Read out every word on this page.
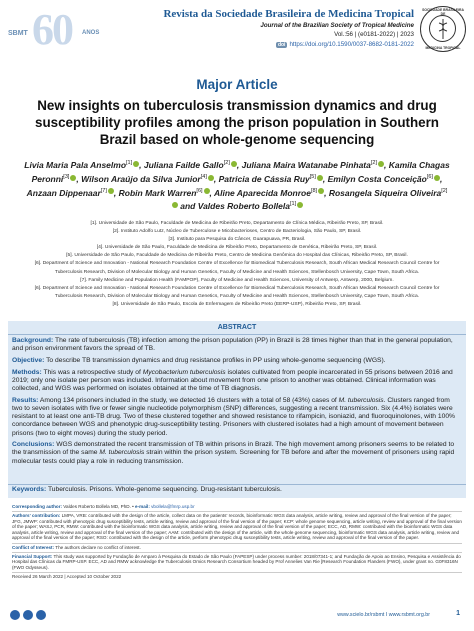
SBMT 60 ANOS
Revista da Sociedade Brasileira de Medicina Tropical
Journal of the Brazilian Society of Tropical Medicine
Vol.:56 | (e0181-2022) | 2023
doi https://doi.org/10.1590/0037-8682-0181-2022
SOCIEDADE BRASILEIRA DE
MEDICINA TROPICAL
Major Article
New insights on tuberculosis transmission dynamics and drug susceptibility profiles among the prison population in Southern Brazil based on whole-genome sequencing
Livia Maria Pala Anselmo[1] , Juliana Failde Gallo[2] , Juliana Maira Watanabe Pinhata[2] , Kamila Chagas Peronni[3] , Wilson Araújo da Silva Junior[4] , Patricia de Cássia Ruy[5] , Emilyn Costa Conceição[6] , Anzaan Dippenaar[7] , Robin Mark Warren[6] , Aline Aparecida Monroe[8] , Rosangela Siqueira Oliveira[2] and Valdes Roberto Bollela[1]
[1]. Universidade de São Paulo, Faculdade de Medicina de Ribeirão Preto, Departamento de Clínica Médica, Ribeirão Preto, SP, Brasil.
[2]. Instituto Adolfo Lutz, Núcleo de Tuberculose e Micobacterioses, Centro de Bacteriologia, São Paulo, SP, Brasil.
[3]. Instituto para Pesquisa do Câncer, Guarapuava, PR, Brasil.
[4]. Universidade de São Paulo, Faculdade de Medicina de Ribeirão Preto, Departamento de Genética, Ribeirão Preto, SP, Brasil.
[5]. Universidade de São Paulo, Faculdade de Medicina de Ribeirão Preto, Centro de Medicina Genômica do Hospital das Clínicas, Ribeirão Preto, SP, Brasil.
[6]. Department of Science and Innovation - National Research Foundation Centre of Excellence for Biomedical Tuberculosis Research, South African Medical Research Council Centre for Tuberculosis Research, Division of Molecular Biology and Human Genetics, Faculty of Medicine and Health Sciences, Stellenbosch University, Cape Town, South Africa.
[7]. Family Medicine and Population Health (FAMPOP), Faculty of Medicine and Health Sciences, University of Antwerp, Antwerp, 2000, Belgium.
[6]. Department of Science and Innovation - National Research Foundation Centre of Excellence for Biomedical Tuberculosis Research, South African Medical Research Council Centre for Tuberculosis Research, Division of Molecular Biology and Human Genetics, Faculty of Medicine and Health Sciences, Stellenbosch University, Cape Town, South Africa.
[8]. Universidade de São Paulo, Escola de Enfermagem de Ribeirão Preto (EERP-USP), Ribeirão Preto, SP, Brasil.
ABSTRACT

Background: The rate of tuberculosis (TB) infection among the prison population (PP) in Brazil is 28 times higher than that in the general population, and prison environment favors the spread of TB.

Objective: To describe TB transmission dynamics and drug resistance profiles in PP using whole-genome sequencing (WGS).

Methods: This was a retrospective study of Mycobacterium tuberculosis isolates cultivated from people incarcerated in 55 prisons between 2016 and 2019; only one isolate per person was included. Information about movement from one prison to another was obtained. Clinical information was collected, and WGS was performed on isolates obtained at the time of TB diagnosis.

Results: Among 134 prisoners included in the study, we detected 16 clusters with a total of 58 (43%) cases of M. tuberculosis. Clusters ranged from two to seven isolates with five or fewer single nucleotide polymorphism (SNP) differences, suggesting a recent transmission. Six (4.4%) isolates were resistant to at least one anti-TB drug. Two of these clustered together and showed resistance to rifampicin, isoniazid, and fluoroquinolones, with 100% concordance between WGS and phenotypic drug-susceptibility testing. Prisoners with clustered isolates had a high amount of movement between prisons (two to eight moves) during the study period.

Conclusions: WGS demonstrated the recent transmission of TB within prisons in Brazil. The high movement among prisoners seems to be related to the transmission of the same M. tuberculosis strain within the prison system. Screening for TB before and after the movement of prisoners using rapid molecular tests could play a role in reducing transmission.

Keywords: Tuberculosis. Prisons. Whole-genome sequencing. Drug-resistant tuberculosis.
Corresponding author: Valdes Roberto Bollela MD, PhD. • e-mail: vbollela@fmrp.usp.br
Authors' contribution: LMPA, VRB: contributed with the design of the article, collect data on the patients' records, bioinformatic WGS data analysis, article writing, review and approval of the final version of the paper; JFG, JMWP: contributed with phenotypic drug susceptibility tests, article writing, review and approval of the final version of the paper; KCP: whole genome sequencing, article writing, review and approval of the final version of the paper; WASJ, PCR, RMW: contributed with the bioinformatic WGS data analysis, article writing, review and approval of the final version of the paper; ECC, AD, RMW: contributed with the bioinformatic WGS data analysis, article writing, review and approval of the final version of the paper; AAM: contributed with the design of the article, with the whole genome sequencing, bioinformatic WGS data analysis, article writing, review and approval of the final version of the paper; RSO: contributed with the design of the article, perform phenotypic drug susceptibility tests, article writing, review and approval of the final version of the paper.
Conflict of Interest: The authors declare no conflict of interest.
Financial Support: This study was supported by Fundação de Amparo à Pesquisa do Estado de São Paulo (FAPESP) under process number: 2018/07341-1; and Fundação de Apoio ao Ensino, Pesquisa e Assistência do Hospital das Clínicas da FMRP-USP. ECC, AD and RMW acknowledge the Tuberculosis Omics Research Consortium headed by Prof Annelies Van Rie [Research Foundation Flanders (FWO), under grant no. G0F8316N (FWO Odysseus).
Received 26 March 2022 | Accepted 10 October 2022
www.scielo.br/rsbmt I www.rsbmt.org.br	1
